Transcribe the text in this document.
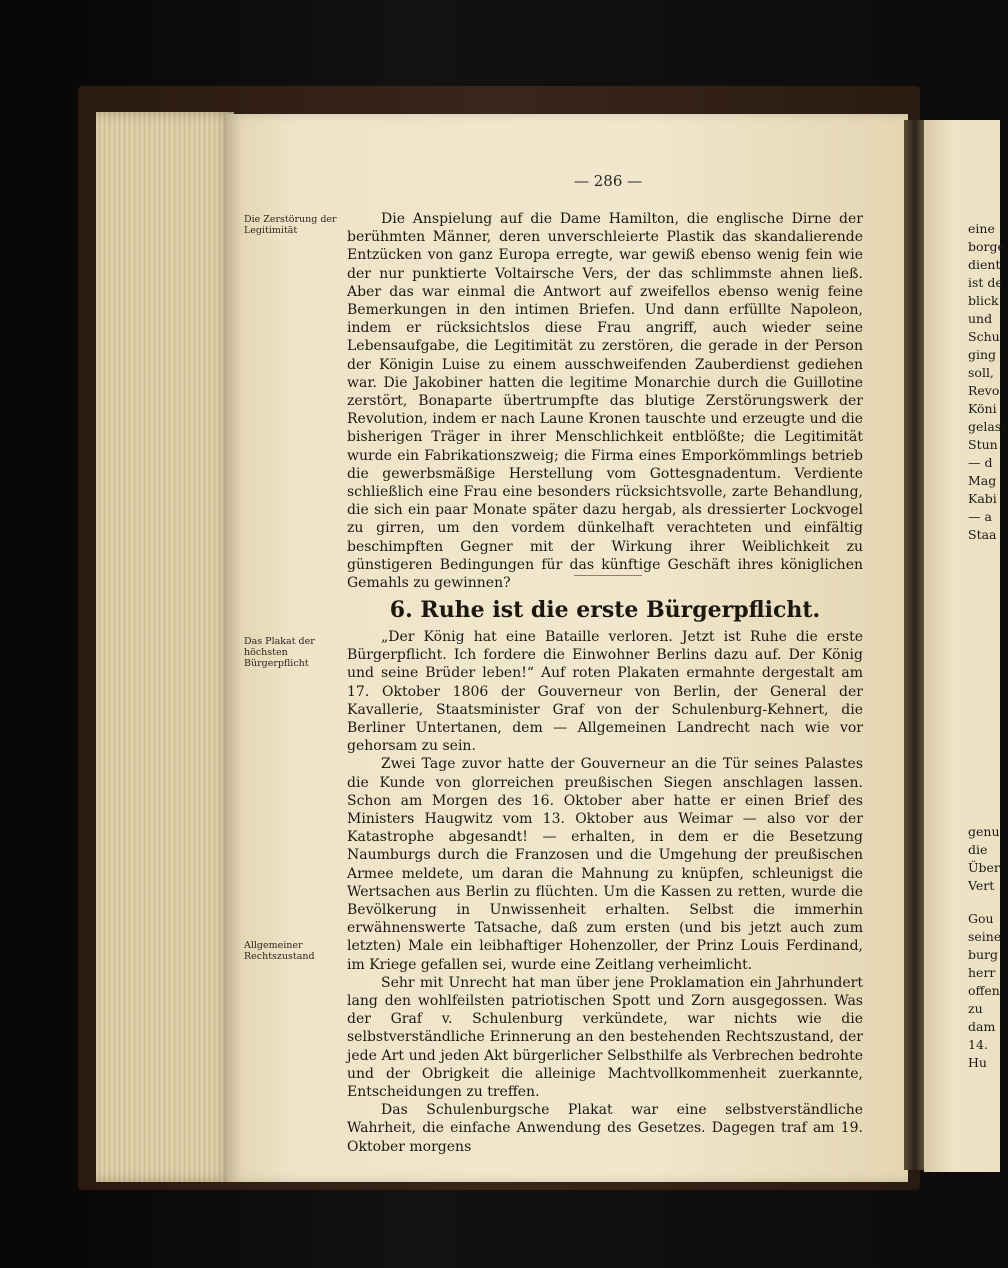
eine
borge
dient,
ist de
blick
und
Schu
ging
soll,
Revo
Köni
gelass
Stun
— d
Mag
Kabi
— a
Staa
genu
die
Über
Vert
Gou
seine
burg
herr
offen
zu
dam
14.
Hu
— 286 —
Die Zerstörung der Legitimität
Das Plakat der höchsten Bürgerpflicht
Allgemeiner Rechtszustand

Die Anspielung auf die Dame Hamilton, die englische Dirne der berühmten Männer, deren unverschleierte Plastik das skandalierende Entzücken von ganz Europa erregte, war gewiß ebenso wenig fein wie der nur punktierte Voltairsche Vers, der das schlimmste ahnen ließ. Aber das war einmal die Antwort auf zweifellos ebenso wenig feine Bemerkungen in den intimen Briefen. Und dann erfüllte Napoleon, indem er rücksichtslos diese Frau angriff, auch wieder seine Lebensaufgabe, die Legitimität zu zerstören, die gerade in der Person der Königin Luise zu einem ausschweifenden Zauberdienst gediehen war. Die Jakobiner hatten die legitime Monarchie durch die Guillotine zerstört, Bonaparte übertrumpfte das blutige Zerstörungswerk der Revolution, indem er nach Laune Kronen tauschte und erzeugte und die bisherigen Träger in ihrer Menschlichkeit entblößte; die Legitimität wurde ein Fabrikationszweig; die Firma eines Emporkömmlings betrieb die gewerbsmäßige Herstellung vom Gottesgnadentum. Verdiente schließlich eine Frau eine besonders rücksichtsvolle, zarte Behandlung, die sich ein paar Monate später dazu hergab, als dressierter Lockvogel zu girren, um den vordem dünkelhaft verachteten und einfältig beschimpften Gegner mit der Wirkung ihrer Weiblichkeit zu günstigeren Bedingungen für das künftige Geschäft ihres königlichen Gemahls zu gewinnen?

6. Ruhe ist die erste Bürgerpflicht.

„Der König hat eine Bataille verloren. Jetzt ist Ruhe die erste Bürgerpflicht. Ich fordere die Einwohner Berlins dazu auf. Der König und seine Brüder leben!“ Auf roten Plakaten ermahnte dergestalt am 17. Oktober 1806 der Gouverneur von Berlin, der General der Kavallerie, Staatsminister Graf von der Schulenburg-Kehnert, die Berliner Untertanen, dem — Allgemeinen Landrecht nach wie vor gehorsam zu sein.

Zwei Tage zuvor hatte der Gouverneur an die Tür seines Palastes die Kunde von glorreichen preußischen Siegen anschlagen lassen. Schon am Morgen des 16. Oktober aber hatte er einen Brief des Ministers Haugwitz vom 13. Oktober aus Weimar — also vor der Katastrophe abgesandt! — erhalten, in dem er die Besetzung Naumburgs durch die Franzosen und die Umgehung der preußischen Armee meldete, um daran die Mahnung zu knüpfen, schleunigst die Wertsachen aus Berlin zu flüchten. Um die Kassen zu retten, wurde die Bevölkerung in Unwissenheit erhalten. Selbst die immerhin erwähnenswerte Tatsache, daß zum ersten (und bis jetzt auch zum letzten) Male ein leibhaftiger Hohenzoller, der Prinz Louis Ferdinand, im Kriege gefallen sei, wurde eine Zeitlang verheimlicht.

Sehr mit Unrecht hat man über jene Proklamation ein Jahrhundert lang den wohlfeilsten patriotischen Spott und Zorn ausgegossen. Was der Graf v. Schulenburg verkündete, war nichts wie die selbstverständliche Erinnerung an den bestehenden Rechtszustand, der jede Art und jeden Akt bürgerlicher Selbsthilfe als Verbrechen bedrohte und der Obrigkeit die alleinige Machtvollkommenheit zuerkannte, Entscheidungen zu treffen.

Das Schulenburgsche Plakat war eine selbstverständliche Wahrheit, die einfache Anwendung des Gesetzes. Dagegen traf am 19. Oktober morgens
